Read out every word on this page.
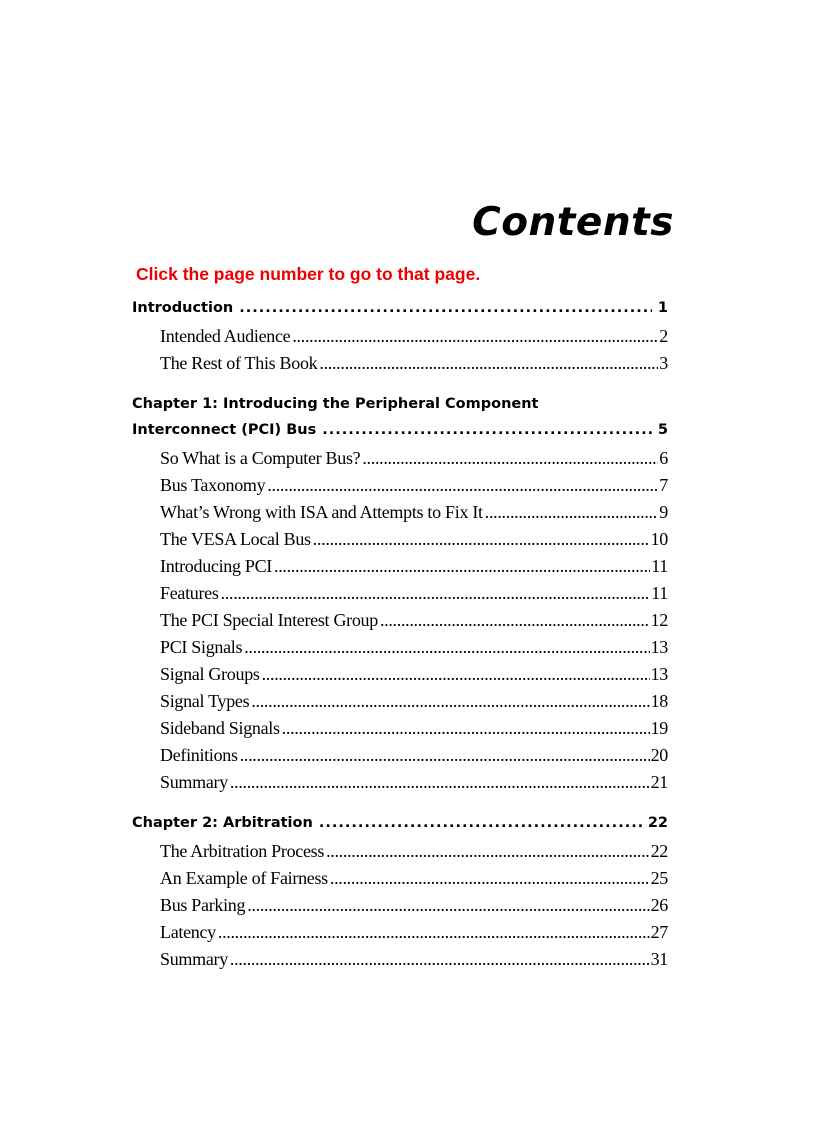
Contents
Click the page number to go to that page.
Introduction .....	1
Intended Audience .....	2
The Rest of This Book .....	3
Chapter 1: Introducing the Peripheral Component
Interconnect (PCI) Bus .....	5
So What is a Computer Bus? .....	6
Bus Taxonomy .....	7
What’s Wrong with ISA and Attempts to Fix It .....	9
The VESA Local Bus .....	10
Introducing PCI .....	11
Features .....	11
The PCI Special Interest Group .....	12
PCI Signals .....	13
Signal Groups .....	13
Signal Types .....	18
Sideband Signals .....	19
Definitions .....	20
Summary .....	21
Chapter 2: Arbitration .....	22
The Arbitration Process .....	22
An Example of Fairness .....	25
Bus Parking .....	26
Latency .....	27
Summary .....	31
